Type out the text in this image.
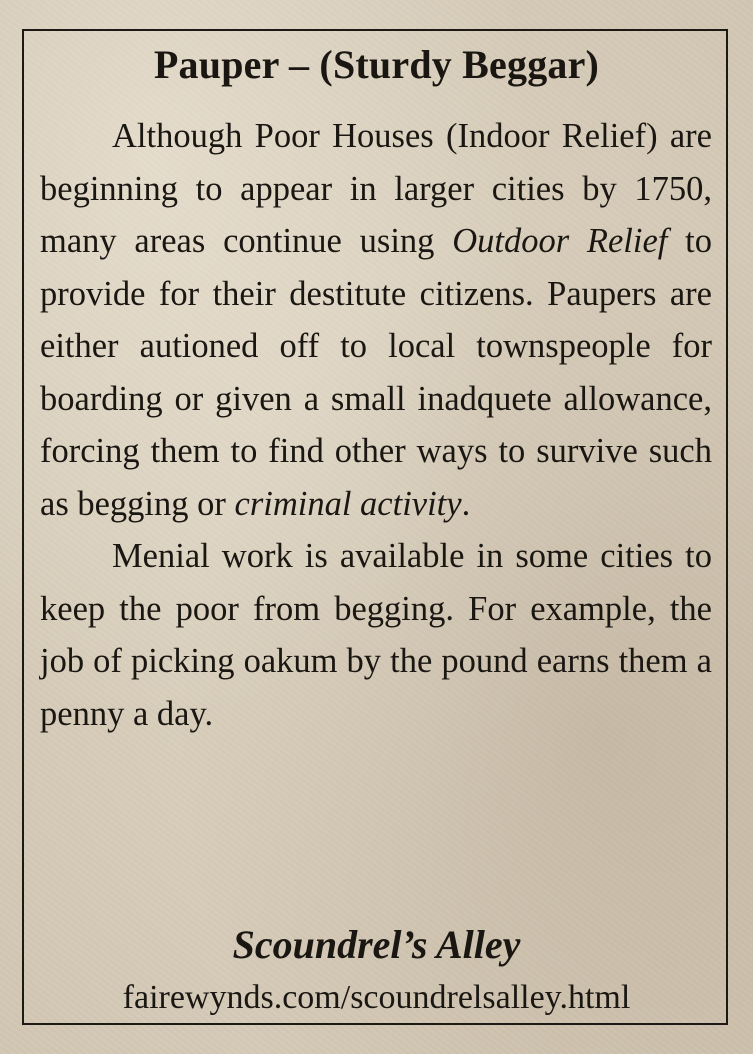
Pauper – (Sturdy Beggar)

Although Poor Houses (Indoor Relief) are beginning to appear in larger cities by 1750, many areas continue using Outdoor Relief to provide for their destitute citizens. Paupers are either autioned off to local townspeople for boarding or given a small inadquete allowance, forcing them to find other ways to survive such as begging or criminal activity.

Menial work is available in some cities to keep the poor from begging. For example, the job of picking oakum by the pound earns them a penny a day.

Scoundrel’s Alley
fairewynds.com/scoundrelsalley.html
